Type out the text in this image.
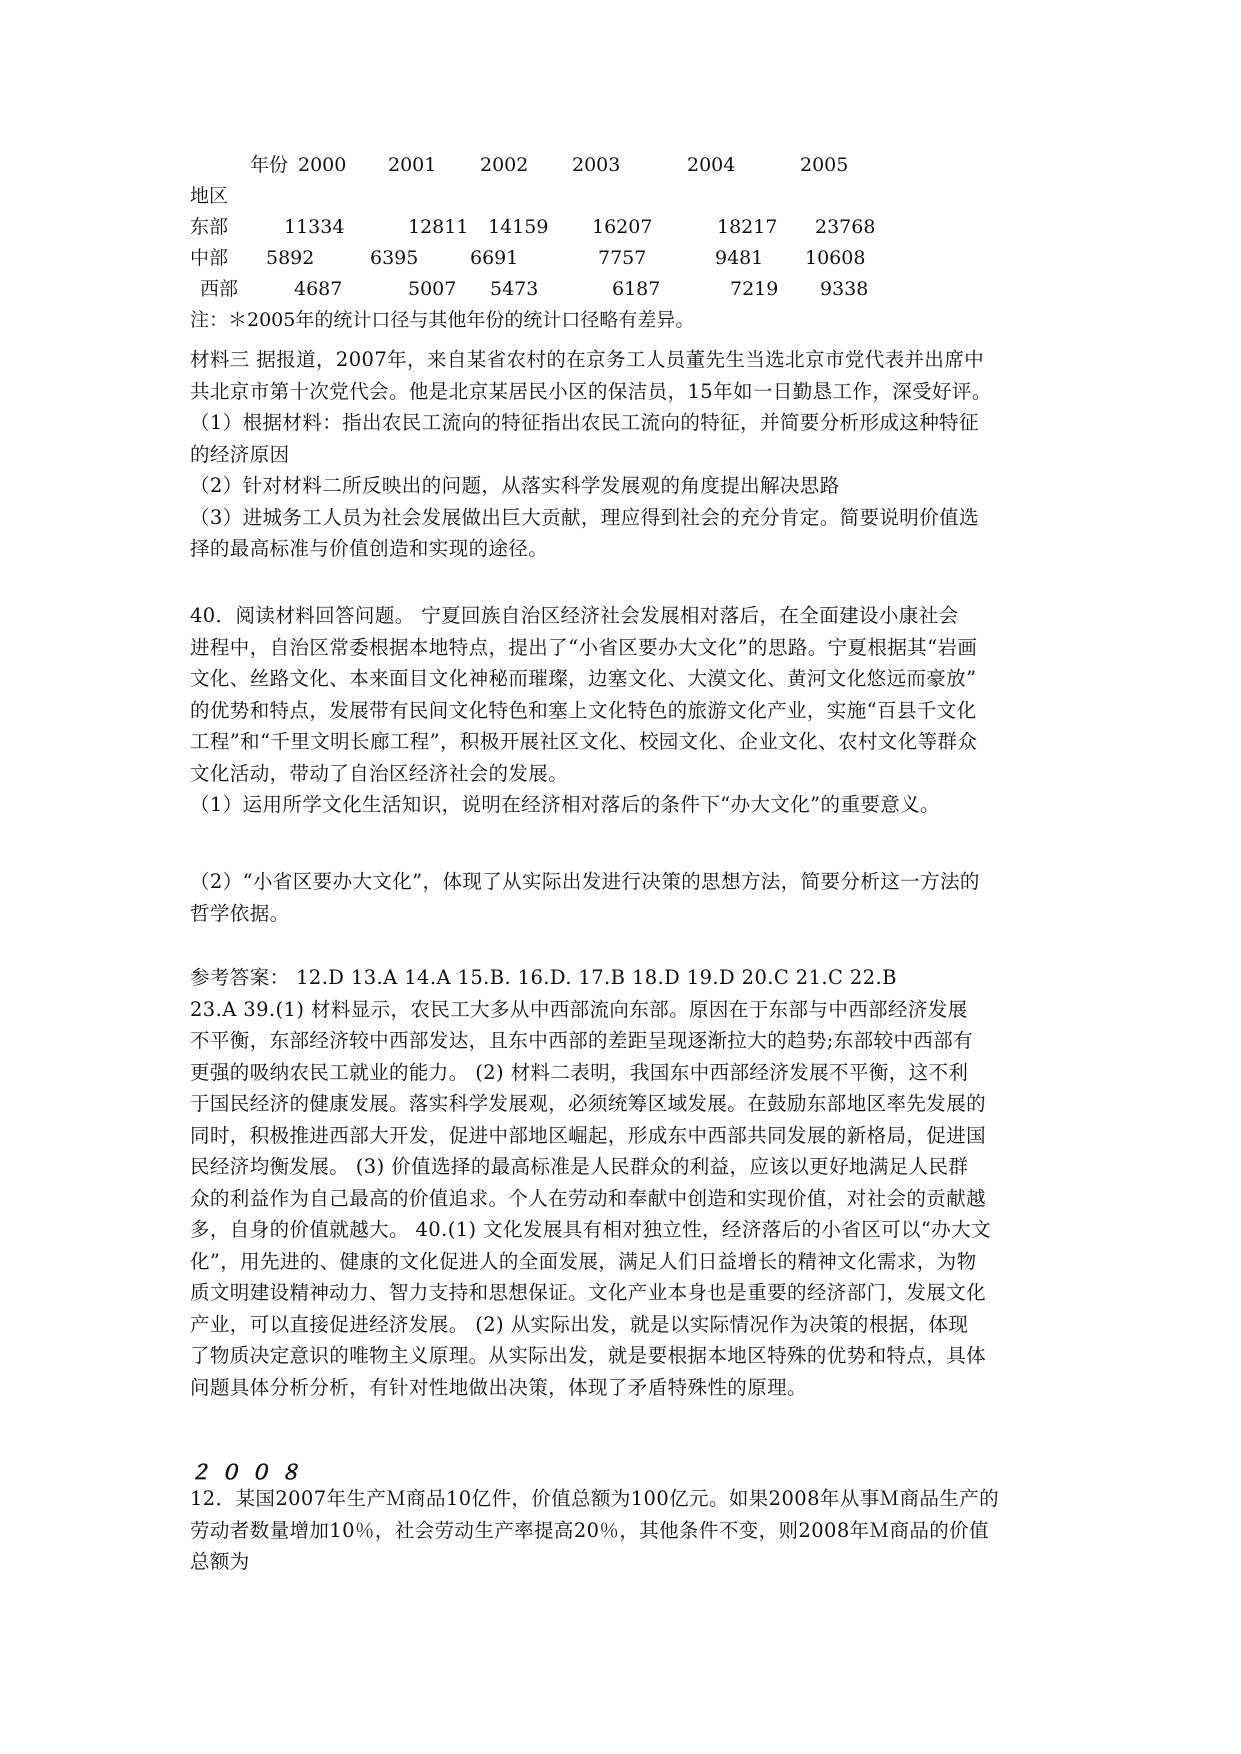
年份 2000 2001 2002 2003	2004	2005
地区
东部	11334	12811 14159 16207	18217 23768
中部 5892	6395	6691	7757	9481 10608
西部	4687	5007 5473	6187	7219 9338
注：＊2005年的统计口径与其他年份的统计口径略有差异。
材料三 据报道，2007年，来自某省农村的在京务工人员董先生当选北京市党代表并出席中
共北京市第十次党代会。他是北京某居民小区的保洁员，15年如一日勤恳工作，深受好评。
（1）根据材料：指出农民工流向的特征指出农民工流向的特征，并简要分析形成这种特征
的经济原因
（2）针对材料二所反映出的问题，从落实科学发展观的角度提出解决思路
（3）进城务工人员为社会发展做出巨大贡献，理应得到社会的充分肯定。简要说明价值选
择的最高标准与价值创造和实现的途径。
40．阅读材料回答问题。 宁夏回族自治区经济社会发展相对落后，在全面建设小康社会
进程中，自治区常委根据本地特点，提出了“小省区要办大文化”的思路。宁夏根据其“岩画
文化、丝路文化、本来面目文化神秘而璀璨，边塞文化、大漠文化、黄河文化悠远而豪放”
的优势和特点，发展带有民间文化特色和塞上文化特色的旅游文化产业，实施“百县千文化
工程”和“千里文明长廊工程”，积极开展社区文化、校园文化、企业文化、农村文化等群众
文化活动，带动了自治区经济社会的发展。
（1）运用所学文化生活知识，说明在经济相对落后的条件下“办大文化”的重要意义。
（2）“小省区要办大文化”，体现了从实际出发进行决策的思想方法，简要分析这一方法的
哲学依据。
参考答案： 12.D 13.A 14.A 15.B. 16.D. 17.B 18.D 19.D 20.C 21.C 22.B
23.A 39.(1) 材料显示，农民工大多从中西部流向东部。原因在于东部与中西部经济发展
不平衡，东部经济较中西部发达，且东中西部的差距呈现逐渐拉大的趋势;东部较中西部有
更强的吸纳农民工就业的能力。 (2) 材料二表明，我国东中西部经济发展不平衡，这不利
于国民经济的健康发展。落实科学发展观，必须统筹区域发展。在鼓励东部地区率先发展的
同时，积极推进西部大开发，促进中部地区崛起，形成东中西部共同发展的新格局，促进国
民经济均衡发展。 (3) 价值选择的最高标准是人民群众的利益，应该以更好地满足人民群
众的利益作为自己最高的价值追求。个人在劳动和奉献中创造和实现价值，对社会的贡献越
多，自身的价值就越大。 40.(1) 文化发展具有相对独立性，经济落后的小省区可以“办大文
化”，用先进的、健康的文化促进人的全面发展，满足人们日益增长的精神文化需求，为物
质文明建设精神动力、智力支持和思想保证。文化产业本身也是重要的经济部门，发展文化
产业，可以直接促进经济发展。 (2) 从实际出发，就是以实际情况作为决策的根据，体现
了物质决定意识的唯物主义原理。从实际出发，就是要根据本地区特殊的优势和特点，具体
问题具体分析分析，有针对性地做出决策，体现了矛盾特殊性的原理。
２００８
12．某国2007年生产Ｍ商品10亿件，价值总额为100亿元。如果2008年从事Ｍ商品生产的
劳动者数量增加10％，社会劳动生产率提高20％，其他条件不变，则2008年Ｍ商品的价值
总额为
